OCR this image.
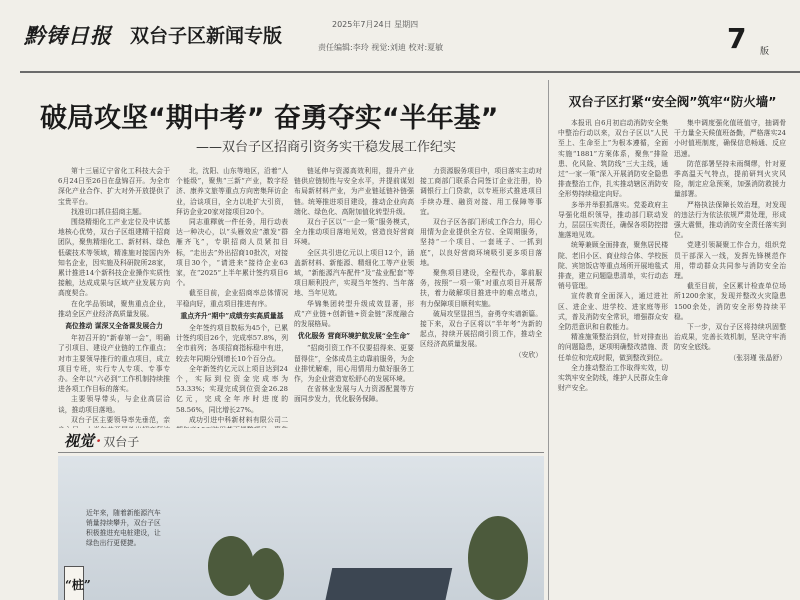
黔铸日报 双台子区新闻专版
2025年7月24日 星期四
责任编辑:李玲 视觉:刘迪 校对:夏敏	7 版
破局攻坚“期中考” 奋勇夺实“半年基”
——双台子区招商引资务实干稳发展工作纪实

第十三届辽宁省化工科技大会于6月24日至26日在盘锦召开。为全市深化产业合作、扩大对外开放提供了宝贵平台。

找准切口抓住招商主题。

围绕精细化工产业定位及中试基地核心优势，双台子区组建精干招商团队，聚焦精细化工、新材料、绿色低碳技术等领域，精准施对接国内外知名企业，因实施及科研院所28家，累计推进14个新科技企业操作实质性接触，达成成果与区域产业发展方向高度契合。

在化学品领域，聚焦重点企业，推动全区产业经济高质量发展。

高位推动 谋深又全备课发展合力

年初召开的“新春第一会”，明确了引项目、建设产业链的工作重点；对市主要领导推行的重点项目，成立项目专班，实行专人专项、专事专办。全年以“六必到”工作机制持续推进各项工作目标的落实。

主要领导带头，与企业高层洽谈，推动项目落地。

双台子区主要领导率先垂范，亲

北，沈阳、山东等地区，沿着“人个能级”，聚焦“三新”产业，数字经济、康养文旅等重点方向密集拜访企业，洽谈项目，全力以赴扩大引资，拜访企业20家对接项目20个。

同志重釋就一件任务，用行动表达一种决心，以“头雁效应”激发“群雁齐飞”，专职招商人员紧扣目标，“走出去”外出招商10批次，对接项目30个，“请进来”接待企业63家，在“2025”上半年累计签约项目6个。

截至目前，企业招商率总体情况平稳向好，重点项目推进有序。

重点齐升“期中”成绩夯实高质量基

全年签约项目数标为45个，已累计签约项目26个，完成率57.8%，列全市前列；各项招商指标稳中有进，较去年同期分别增长10个百分点。

全年新签约亿元以上项目达到24个，实际到位资金完成率为53.33%；实现完成到位资金26.28亿元，完成全年序时进度的58.56%，同比增长27%。

成功引进中科新材料有限公司二

链延伸与资源高效利用，提升产业链供应链韧性与安全水平，并提前谋划布局新材料产业，为产业链延链补链强链。统筹推进项目建设，推动企业向高端化、绿色化、高附加值化转型升级。

双台子区以“一企一策”服务模式，全力推动项目落地见效，营造良好营商环境。

全区共引进亿元以上项目12个，涵盖新材料、新能源、精细化工等产业领域，“新能源汽车配件”及“盐业配套”等项目顺利投产，实现当年签约、当年落地、当年见效。

华锦集团转型升级成效显著，形成“产业链+创新链+资金链”深度融合的发展格局。

优化服务 营商环境护航发展“全生命”

“招商引资工作不仅要招得来、更要留得住”，全体成员主动靠前服务，为企业排忧解难，用心用情用力做好服务工作，为企业营造宽松舒心的发展环境。

在省林业发展与人力资源配置等方面同步发力，优化服务保障。

力资源服务项目中，项目落实主动对接工商部门联系合同签订企业注册，协调银行上门贷款，以专班形式推进项目手续办理、融资对接、用工保障等事宜。

双台子区各部门形成工作合力，用心用情为企业提供全方位、全周期服务，坚持“一个项目、一套班子、一抓到底”，以良好营商环境吸引更多项目落地。

聚焦项目建设，全程代办，靠前服务，按照“一项一策”对重点项目开展帮扶，着力破解项目推进中的难点堵点，有力保障项目顺利实施。

破局攻坚显担当，奋勇夺实谱新篇。接下来，双台子区将以“半年考”为新的起点，持续开展招商引资工作，推动全区经济高质量发展。

（安欣）

双台子区打紧“安全阀”筑牢“防火墙”

本报讯 自6月初启动消防安全集中整治行动以来，双台子区以“人民至上、生命至上”为根本遵循，全面实施“1881”方案体系，聚焦“排险患、化风险、筑防线”三大主线，通过“一家一策”深入开展消防安全隐患排查整治工作，扎实推动辖区消防安全形势持续稳定向好。

多举并举狠抓落实。党委政府主导强化组织领导，推动部门联动发力，层层压实责任，确保各项防控措施落地见效。

统筹兼顾全面排查，聚焦居民楼院、老旧小区、商业综合体、学校医院、宾馆饭店等重点场所开展地毯式排查，建立问题隐患清单，实行动态销号管理。

宣传教育全面深入，通过进社区、进企业、进学校、进家庭等形式，普及消防安全常识，增强群众安全防范意识和自救能力。

精准施策整治到位，针对排查出的问题隐患，逐项明确整改措施、责任单位和完成时限，做到整改到位。

全力推动整治工作取得实效，切实筑牢安全防线，维护人民群众生命财产安全。

集中调度强化值班值守，抽调骨干力量全天候值班备勤，严格落实24小时值班制度，确保信息畅通、反应迅速。

防范部署坚持未雨绸缪，针对夏季高温天气特点，提前研判火灾风险，制定应急预案，加强消防救援力量部署。

严格执法保障长效治理，对发现的违法行为依法依规严肃处理，形成强大震慑，推动消防安全责任落实到位。

党建引领凝聚工作合力，组织党员干部深入一线，发挥先锋模范作用，带动群众共同参与消防安全治理。

截至目前，全区累计检查单位场所1200余家，发现并整改火灾隐患1500余处，消防安全形势持续平稳。

下一步，双台子区将持续巩固整治成果，完善长效机制，坚决守牢消防安全底线。

（张羽瑾 张晶舒）

视觉 · 双台子
近年来，随着新能源汽车销量持续攀升，双台子区积极推进充电桩建设，让绿色出行更便捷。
“桩”
